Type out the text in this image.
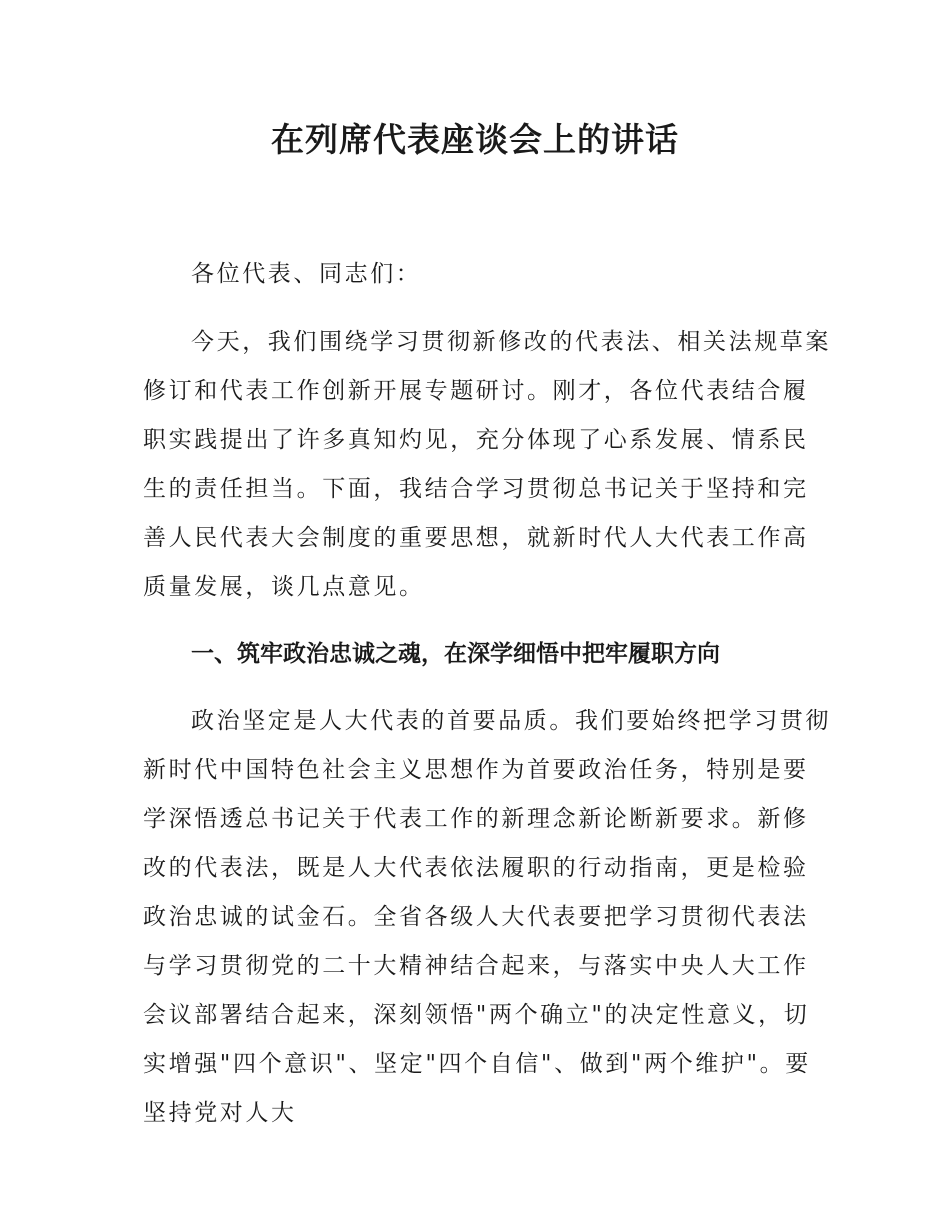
在列席代表座谈会上的讲话

各位代表、同志们：

今天，我们围绕学习贯彻新修改的代表法、相关法规草案修订和代表工作创新开展专题研讨。刚才，各位代表结合履职实践提出了许多真知灼见，充分体现了心系发展、情系民生的责任担当。下面，我结合学习贯彻总书记关于坚持和完善人民代表大会制度的重要思想，就新时代人大代表工作高质量发展，谈几点意见。

一、筑牢政治忠诚之魂，在深学细悟中把牢履职方向

政治坚定是人大代表的首要品质。我们要始终把学习贯彻新时代中国特色社会主义思想作为首要政治任务，特别是要学深悟透总书记关于代表工作的新理念新论断新要求。新修改的代表法，既是人大代表依法履职的行动指南，更是检验政治忠诚的试金石。全省各级人大代表要把学习贯彻代表法与学习贯彻党的二十大精神结合起来，与落实中央人大工作会议部署结合起来，深刻领悟"两个确立"的决定性意义，切实增强"四个意识"、坚定"四个自信"、做到"两个维护"。要坚持党对人大
